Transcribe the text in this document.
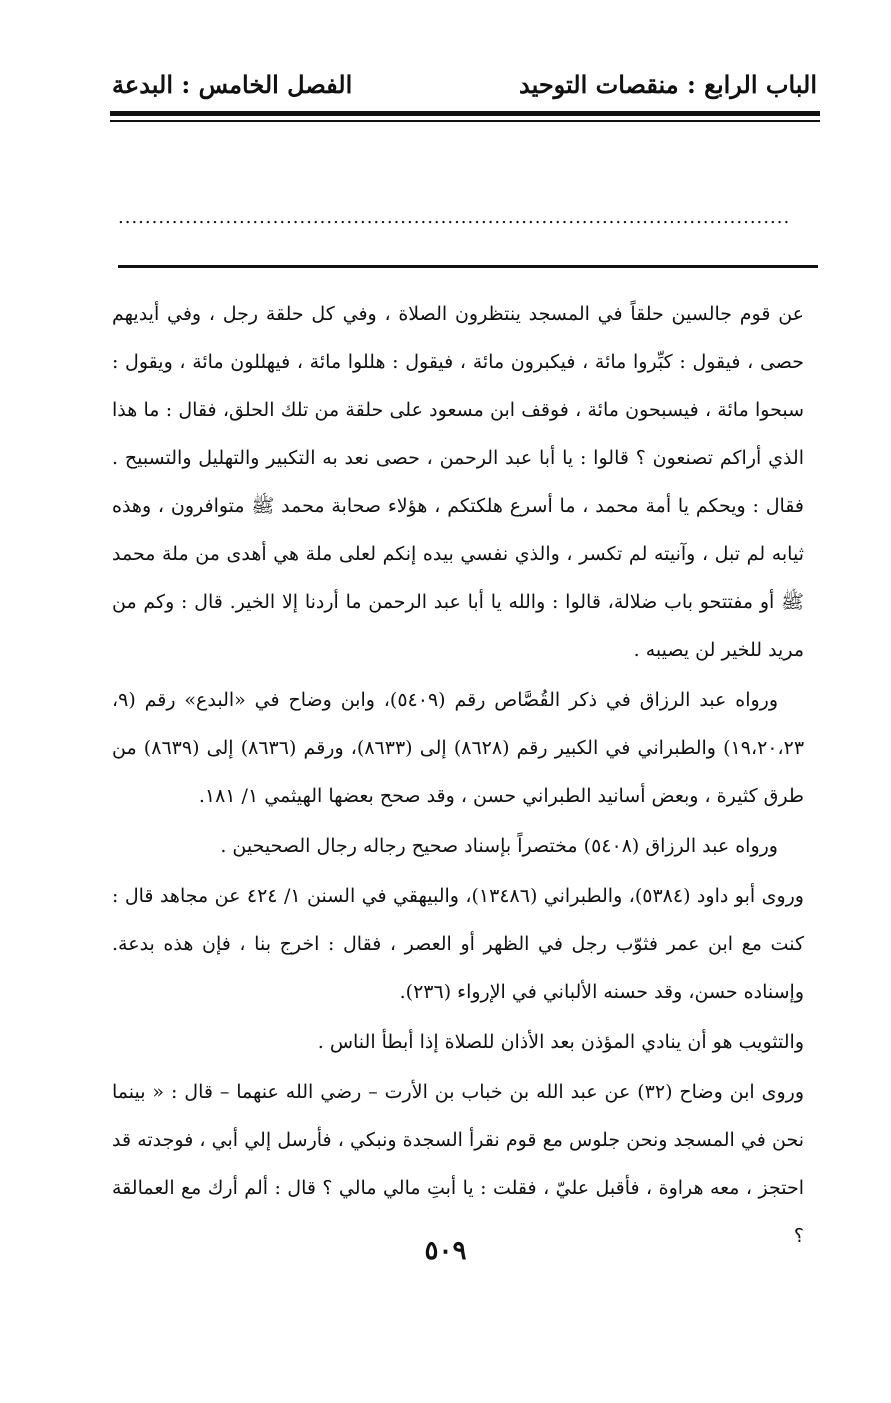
الباب الرابع : منقصات التوحيد
الفصل الخامس : البدعة
....................................................................................................

عن قوم جالسين حلقاً في المسجد ينتظرون الصلاة ، وفي كل حلقة رجل ، وفي أيديهم حصى ، فيقول : كبِّروا مائة ، فيكبرون مائة ، فيقول : هللوا مائة ، فيهللون مائة ، ويقول : سبحوا مائة ، فيسبحون مائة ، فوقف ابن مسعود على حلقة من تلك الحلق، فقال : ما هذا الذي أراكم تصنعون ؟ قالوا : يا أبا عبد الرحمن ، حصى نعد به التكبير والتهليل والتسبيح . فقال : ويحكم يا أمة محمد ، ما أسرع هلكتكم ، هؤلاء صحابة محمد ﷺ متوافرون ، وهذه ثيابه لم تبل ، وآنيته لم تكسر ، والذي نفسي بيده إنكم لعلى ملة هي أهدى من ملة محمد ﷺ أو مفتتحو باب ضلالة، قالوا : والله يا أبا عبد الرحمن ما أردنا إلا الخير. قال : وكم من مريد للخير لن يصيبه .

ورواه عبد الرزاق في ذكر القُصَّاص رقم (٥٤٠٩)، وابن وضاح في «البدع» رقم (٩، ١٩،٢٠،٢٣) والطبراني في الكبير رقم (٨٦٢٨) إلى (٨٦٣٣)، ورقم (٨٦٣٦) إلى (٨٦٣٩) من طرق كثيرة ، وبعض أسانيد الطبراني حسن ، وقد صحح بعضها الهيثمي ١/ ١٨١.

ورواه عبد الرزاق (٥٤٠٨) مختصراً بإسناد صحيح رجاله رجال الصحيحين .

وروى أبو داود (٥٣٨٤)، والطبراني (١٣٤٨٦)، والبيهقي في السنن ١/ ٤٢٤ عن مجاهد قال : كنت مع ابن عمر فثوّب رجل في الظهر أو العصر ، فقال : اخرج بنا ، فإن هذه بدعة. وإسناده حسن، وقد حسنه الألباني في الإرواء (٢٣٦).

والتثويب هو أن ينادي المؤذن بعد الأذان للصلاة إذا أبطأ الناس .

وروى ابن وضاح (٣٢) عن عبد الله بن خباب بن الأرت – رضي الله عنهما – قال : « بينما نحن في المسجد ونحن جلوس مع قوم نقرأ السجدة ونبكي ، فأرسل إلي أبي ، فوجدته قد احتجز ، معه هراوة ، فأقبل عليّ ، فقلت : يا أبتِ مالي مالي ؟ قال : ألم أرك مع العمالقة ؟

٥٠٩
